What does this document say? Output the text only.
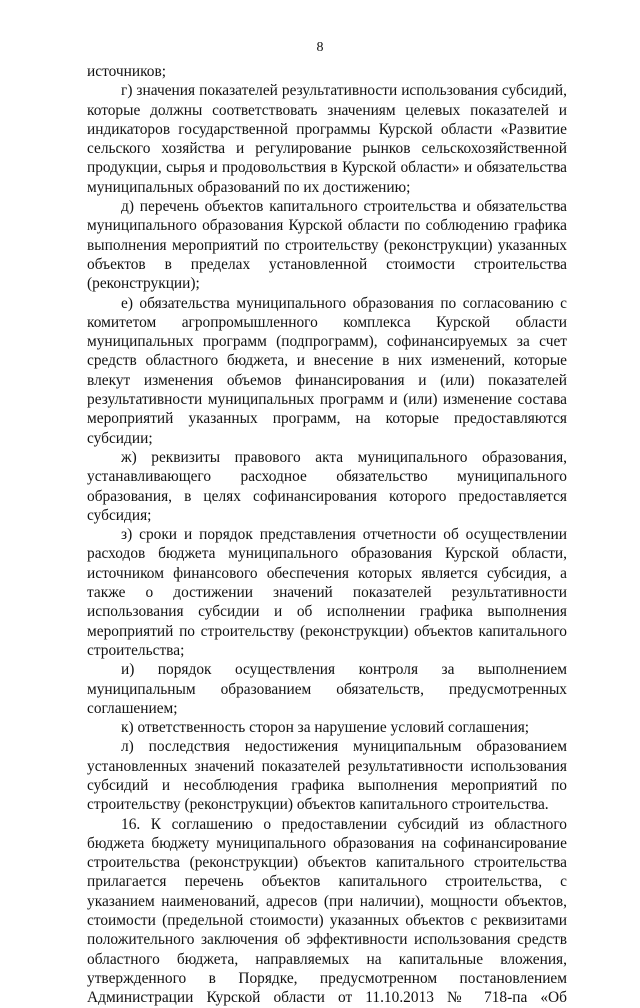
8

источников;

г) значения показателей результативности использования субсидий, которые должны соответствовать значениям целевых показателей и индикаторов государственной программы Курской области «Развитие сельского хозяйства и регулирование рынков сельскохозяйственной продукции, сырья и продовольствия в Курской области» и обязательства муниципальных образований по их достижению;

д) перечень объектов капитального строительства и обязательства муниципального образования Курской области по соблюдению графика выполнения мероприятий по строительству (реконструкции) указанных объектов в пределах установленной стоимости строительства (реконструкции);

е) обязательства муниципального образования по согласованию с комитетом агропромышленного комплекса Курской области муниципальных программ (подпрограмм), софинансируемых за счет средств областного бюджета, и внесение в них изменений, которые влекут изменения объемов финансирования и (или) показателей результативности муниципальных программ и (или) изменение состава мероприятий указанных программ, на которые предоставляются субсидии;

ж) реквизиты правового акта муниципального образования, устанавливающего расходное обязательство муниципального образования, в целях софинансирования которого предоставляется субсидия;

з) сроки и порядок представления отчетности об осуществлении расходов бюджета муниципального образования Курской области, источником финансового обеспечения которых является субсидия, а также о достижении значений показателей результативности использования субсидии и об исполнении графика выполнения мероприятий по строительству (реконструкции) объектов капитального строительства;

и) порядок осуществления контроля за выполнением муниципальным образованием обязательств, предусмотренных соглашением;

к) ответственность сторон за нарушение условий соглашения;

л) последствия недостижения муниципальным образованием установленных значений показателей результативности использования субсидий и несоблюдения графика выполнения мероприятий по строительству (реконструкции) объектов капитального строительства.

16. К соглашению о предоставлении субсидий из областного бюджета бюджету муниципального образования на софинансирование строительства (реконструкции) объектов капитального строительства прилагается перечень объектов капитального строительства, с указанием наименований, адресов (при наличии), мощности объектов, стоимости (предельной стоимости) указанных объектов с реквизитами положительного заключения об эффективности использования средств областного бюджета, направляемых на капитальные вложения, утвержденного в Порядке, предусмотренном постановлением Администрации Курской области от 11.10.2013 № 718-па «Об
